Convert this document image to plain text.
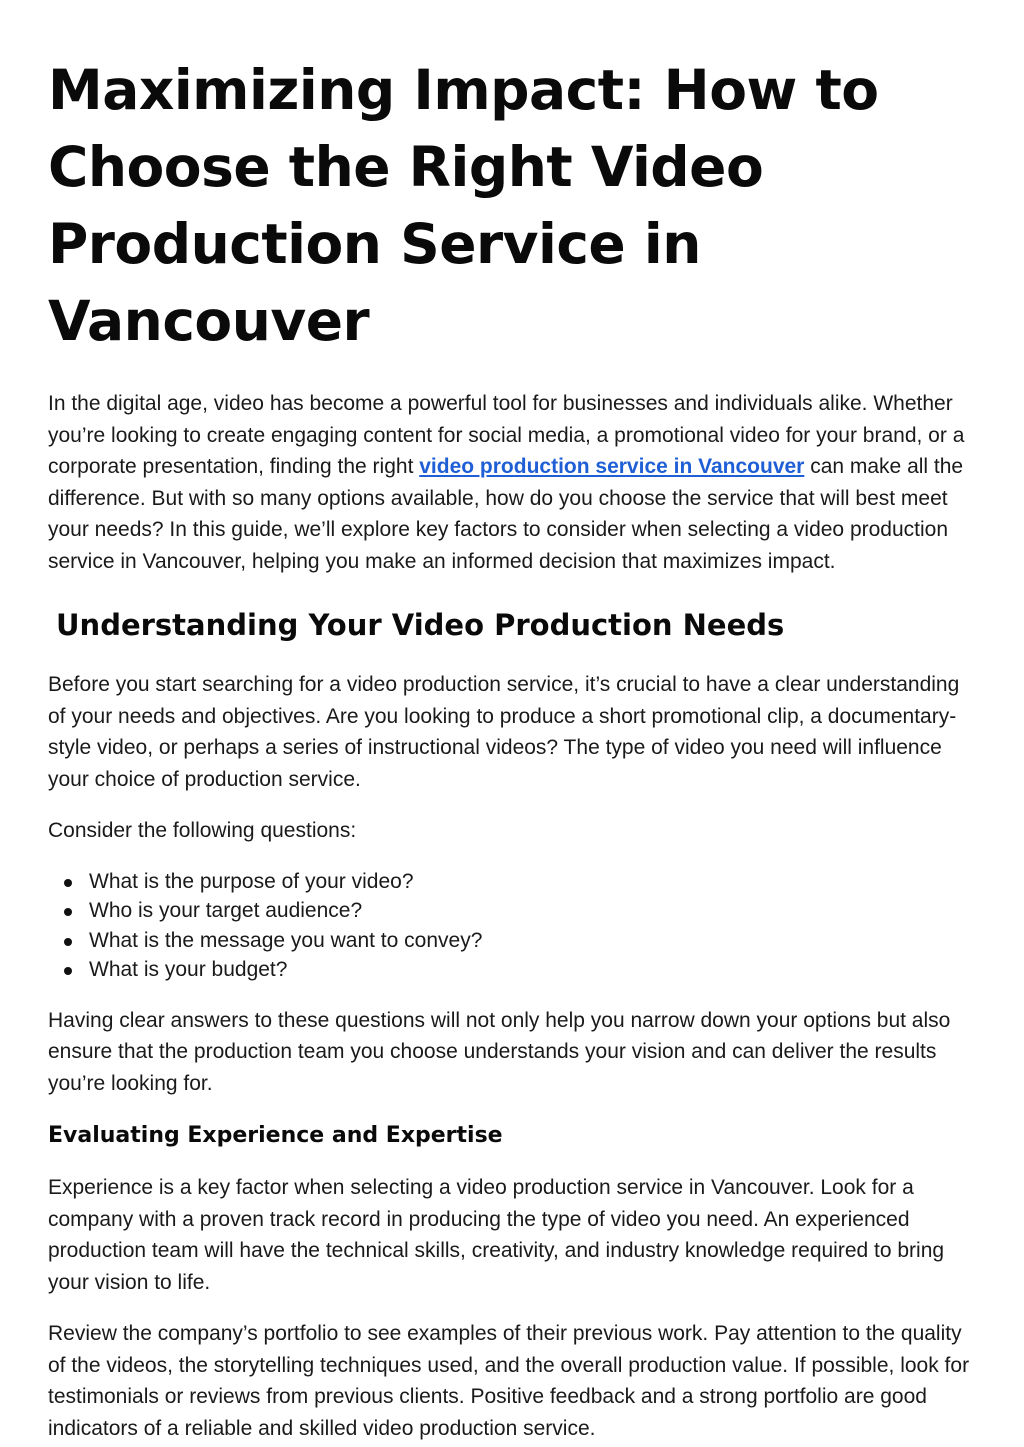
Maximizing Impact: How to Choose the Right Video Production Service in Vancouver

In the digital age, video has become a powerful tool for businesses and individuals alike. Whether you’re looking to create engaging content for social media, a promotional video for your brand, or a corporate presentation, finding the right video production service in Vancouver can make all the difference. But with so many options available, how do you choose the service that will best meet your needs? In this guide, we’ll explore key factors to consider when selecting a video production service in Vancouver, helping you make an informed decision that maximizes impact.

Understanding Your Video Production Needs

Before you start searching for a video production service, it’s crucial to have a clear understanding of your needs and objectives. Are you looking to produce a short promotional clip, a documentary-style video, or perhaps a series of instructional videos? The type of video you need will influence your choice of production service.

Consider the following questions:

What is the purpose of your video?
Who is your target audience?
What is the message you want to convey?
What is your budget?

Having clear answers to these questions will not only help you narrow down your options but also ensure that the production team you choose understands your vision and can deliver the results you’re looking for.

Evaluating Experience and Expertise

Experience is a key factor when selecting a video production service in Vancouver. Look for a company with a proven track record in producing the type of video you need. An experienced production team will have the technical skills, creativity, and industry knowledge required to bring your vision to life.

Review the company’s portfolio to see examples of their previous work. Pay attention to the quality of the videos, the storytelling techniques used, and the overall production value. If possible, look for testimonials or reviews from previous clients. Positive feedback and a strong portfolio are good indicators of a reliable and skilled video production service.
